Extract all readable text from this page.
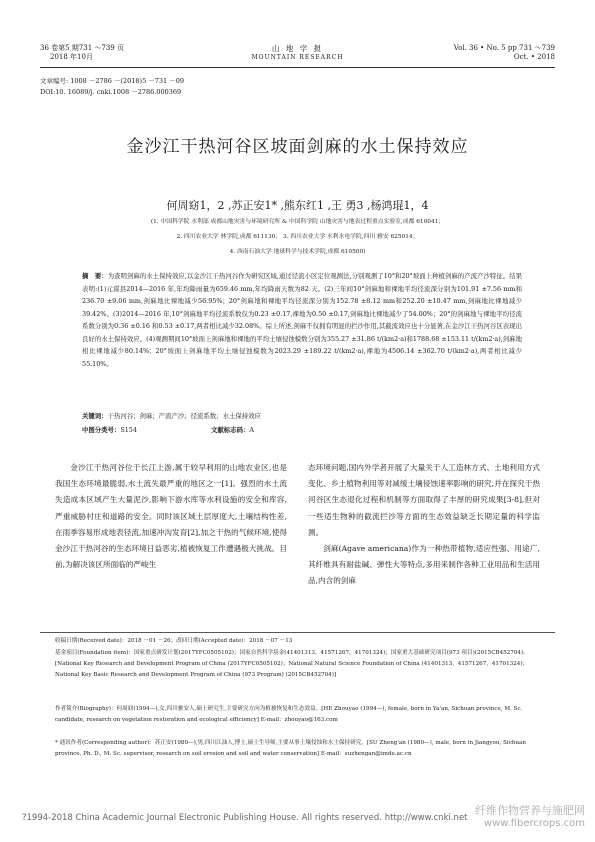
36 卷第5 期731 ～739 页
2018 年10月
山 地 学 报
MOUNTAIN RESEARCH
Vol. 36 • No. 5 pp 731 ～739
Oct. • 2018
文章编号: 1008 －2786 －(2018)5 －731 －09
DOI:10. 16089/j. cnki.1008 －2786.000369
金沙江干热河谷区坡面剑麻的水土保持效应
何周窈1，2 ,苏正安1* ,熊东红1 ,王 勇3 ,杨鸿琨1，4
(1. 中国科学院 水利部 成都山地灾害与环境研究所 & 中国科学院 山地灾害与地表过程重点实验室,成都 610041；
2. 四川农业大学 林学院,成都 611130； 3. 四川农业大学 水利水电学院,四川 雅安 625014；
4. 西南石油大学 地球科学与技术学院,成都 610500)
摘　要：为查明剑麻的水土保持效应,以金沙江干热河谷作为研究区域,通过径流小区定位观测法,分别观测了10°和20°坡面上种植剑麻的产流产沙特征。结果表明:(1)元谋县2014—2016 年,年均降雨量为659.46 mm,年均降雨天数为82 天。(2)三年间10°剑麻地和裸地平均径流深分别为101.91 ±7.56 mm和236.70 ±9.06 mm,剑麻地比裸地减少56.95%；20°剑麻地和裸地平均径流深分别为152.78 ±8.12 mm和252.20 ±10.47 mm,剑麻地比裸地减少39.42%。(3)2014—2016 年,10°剑麻地平均径流系数仅为0.23 ±0.17,裸地为0.50 ±0.17,剑麻地比裸地减少了54.00%；20°的剑麻地与裸地平均径流系数分别为0.36 ±0.16 和0.53 ±0.17,两者相比减少32.08%。综上所述,剑麻不仅拥有明显的拦沙作用,其截流效应也十分显著,在金沙江干热河谷区表现出良好的水土保持效应。(4)观测期间10°坡面上剑麻地和裸地的平均土壤侵蚀模数分别为355.27 ±31.86 t/(km2·a)和1788.68 ±153.11 t/(km2·a),剑麻地相比裸地减少80.14%；20°坡面上剑麻地平均土壤侵蚀模数为2023.29 ±189.22 t/(km2·a),裸地为4506.14 ±362.70 t/(km2·a),两者相比减少55.10%。
关键词：干热河谷；剑麻；产流产沙；径流系数；水土保持效应
中图分类号：S154	文献标志码：A

金沙江干热河谷位于长江上游,属于较早利用的山地农业区,也是我国生态环境最脆弱,水土流失最严重的地区之一[1]。强烈的水土流失造成本区域产生大量泥沙,影响下游水库等水利设施的安全和库容,严重威胁村庄和道路的安全。同时该区域土层厚度大,土壤结构性差,在雨季容易形成地表径流,加速冲沟发育[2],加之干热的气候环境,使得金沙江干热河谷的生态环境日益恶劣,植被恢复工作遭遇极大挑战。目前,为解决该区所面临的严峻生

态环境问题,国内外学者开展了大量关于人工造林方式、土地利用方式变化、乡土植物利用等对减缓土壤侵蚀速率影响的研究,并在探究干热河谷区生态退化过程和机制等方面取得了丰厚的研究成果[3-8],但对一些适生物种的截流拦沙等方面的生态效益缺乏长期定量的科学监测。

剑麻(Agave americana)作为一种热带植物,适应性强、用途广,其纤维具有耐盐碱、弹性大等特点,多用来制作各种工业用品和生活用品,内含的剑麻

收稿日期(Received date)：2018 －01 －26；改回日期(Accepted date)：2018 －07 －13
基金项目(Foundation item)：国家重点研发计划(2017YFC0505102)；国家自然科学基金(41401313，41571267，41701324)；国家重大基础研究项目(973 项目)(2015CB452704)。[National Key Research and Development Program of China (2017YFC0505102)；National Natural Science Foundation of China (41401313，41571267，41701324)；National Key Basic Research and Development Program of China (973 Program) (2015CB452704)]
作者简介(Biography)：何周窈(1994—),女,四川雅安人,硕士研究生,主要研究方向为植被恢复和生态效益。[HE Zhouyao (1994—), female, born in Ya'an, Sichuan province, M. Sc. candidate, research on vegetation restoration and ecological efficiency] E-mail：zhouyao@163.com
* 通讯作者(Corresponding author)：苏正安(1980—),男,四川江油人,博士,硕士生导师,主要从事土壤侵蚀和水土保持研究。[SU Zheng'an (1980—), male, born in Jiangyou, Sichuan province, Ph. D., M. Sc. supervisor, research on soil erosion and soil and water conservation] E-mail：suzhengan@imde.ac.cn
?1994-2018 China Academic Journal Electronic Publishing House. All rights reserved. http://www.cnki.net
纤维作物营养与施肥网
www.fibercrops.com
